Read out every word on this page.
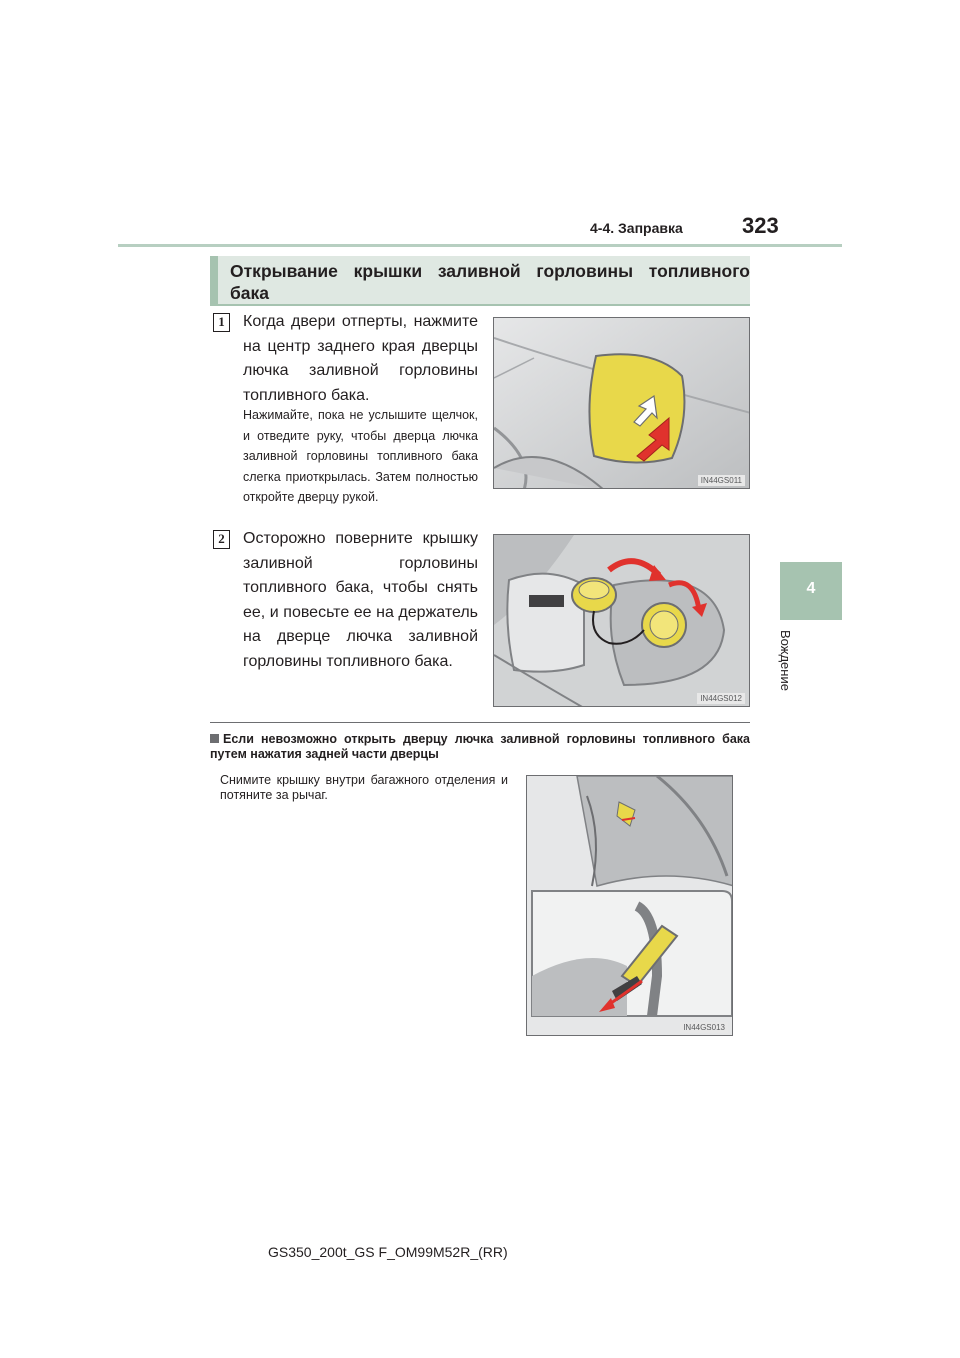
4-4. Заправка	323
4
Вождение
Открывание крышки заливной горловины топливного бака
1	Когда двери отперты, нажмите на центр заднего края дверцы лючка заливной горловины топливного бака.
Нажимайте, пока не услышите щелчок, и отведите руку, чтобы дверца лючка заливной горловины топливного бака слегка приоткрылась. Затем полностью откройте дверцу рукой.
IN44GS011
2	Осторожно поверните крышку заливной горловины топливного бака, чтобы снять ее, и повесьте ее на держатель на дверце лючка заливной горловины топливного бака.
IN44GS012
Если невозможно открыть дверцу лючка заливной горловины топливного бака путем нажатия задней части дверцы
Снимите крышку внутри багажного отделения и потяните за рычаг.
IN44GS013
GS350_200t_GS F_OM99M52R_(RR)
